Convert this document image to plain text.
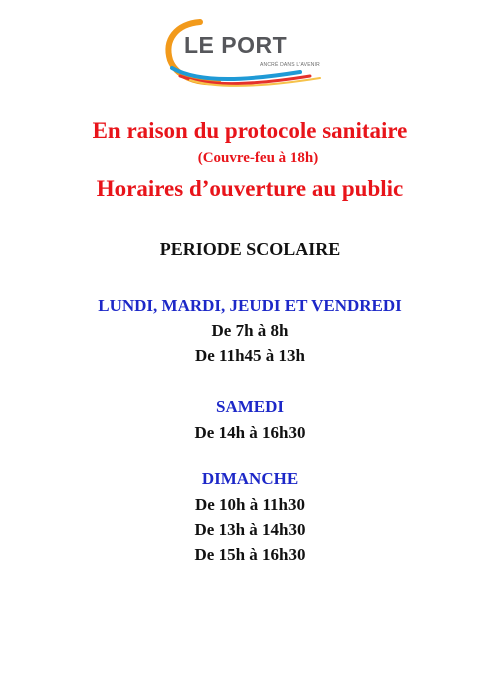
LE PORT
ANCRÉ DANS L'AVENIR

En raison du protocole sanitaire

(Couvre-feu à 18h)

Horaires d’ouverture au public

PERIODE SCOLAIRE

LUNDI, MARDI, JEUDI ET VENDREDI

De 7h à 8h

De 11h45 à 13h

SAMEDI

De 14h à 16h30

DIMANCHE

De 10h à 11h30

De 13h à 14h30

De 15h à 16h30
